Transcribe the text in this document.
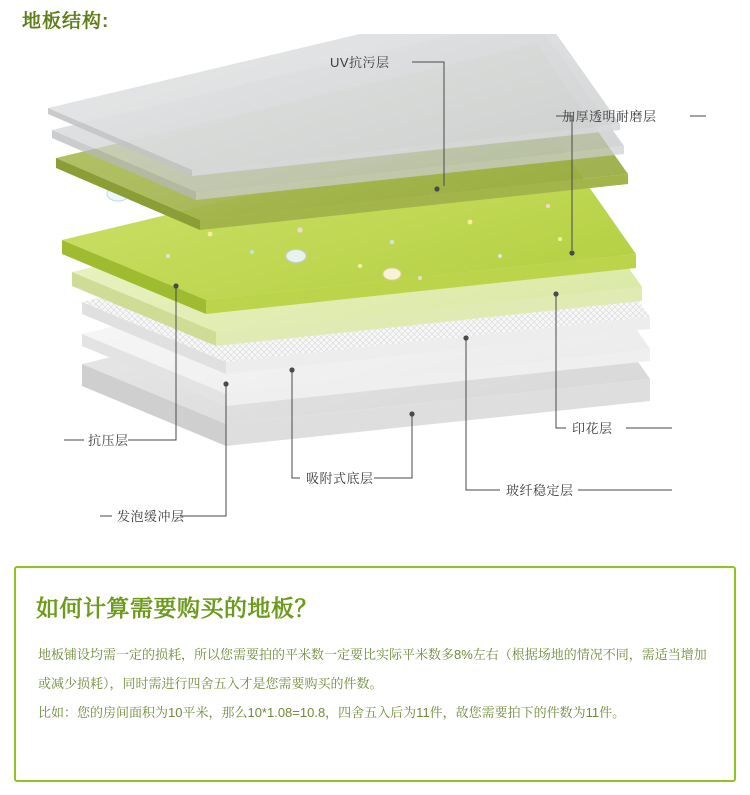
地板结构:
UV抗污层
加厚透明耐磨层
印花层
玻纤稳定层
吸附式底层
发泡缓冲层
抗压层
如何计算需要购买的地板？

地板铺设均需一定的损耗，所以您需要拍的平米数一定要比实际平米数多8%左右（根据场地的情况不同，需适当增加或减少损耗），同时需进行四舍五入才是您需要购买的件数。

比如：您的房间面积为10平米，那么10*1.08=10.8，四舍五入后为11件，故您需要拍下的件数为11件。
